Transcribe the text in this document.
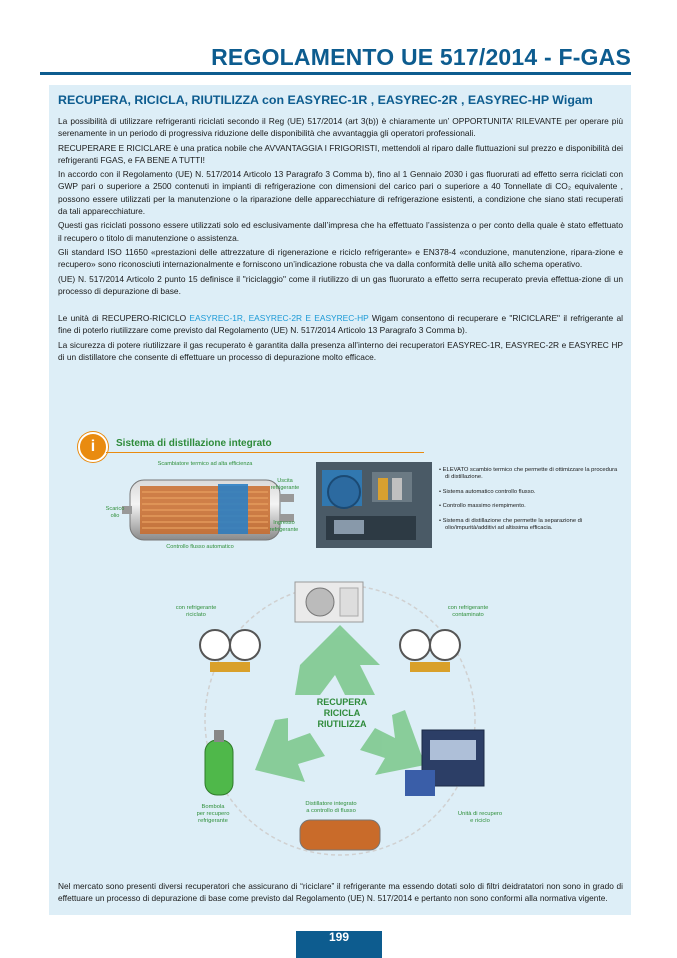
REGOLAMENTO UE 517/2014 - F-GAS
RECUPERA, RICICLA, RIUTILIZZA con EASYREC-1R , EASYREC-2R , EASYREC-HP Wigam

La possibilità di utilizzare refrigeranti riciclati secondo il Reg (UE) 517/2014 (art 3(b)) è chiaramente un’ OPPORTUNITA’ RILEVANTE per operare più serenamente in un periodo di progressiva riduzione delle disponibilità che avvantaggia gli operatori professionali.

RECUPERARE E RICICLARE è una pratica nobile che AVVANTAGGIA I FRIGORISTI, mettendoli al riparo dalle fluttuazioni sul prezzo e disponibilità dei refrigeranti FGAS, e FA BENE A TUTTI!

In accordo con il Regolamento (UE) N. 517/2014 Articolo 13 Paragrafo 3 Comma b), fino al 1 Gennaio 2030 i gas fluorurati ad effetto serra riciclati con GWP pari o superiore a 2500 contenuti in impianti di refrigerazione con dimensioni del carico pari o superiore a 40 Tonnellate di CO₂ equivalente , possono essere utilizzati per la manutenzione o la riparazione delle apparecchiature di refrigerazione esistenti, a condizione che siano stati recuperati da tali apparecchiature.

Questi gas riciclati possono essere utilizzati solo ed esclusivamente dall’impresa che ha effettuato l’assistenza o per conto della quale è stato effettuato il recupero o titolo di manutenzione o assistenza.

Gli standard ISO 11650 «prestazioni delle attrezzature di rigenerazione e riciclo refrigerante» e EN378-4 «conduzione, manutenzione, ripara-zione e recupero» sono riconosciuti internazionalmente e forniscono un’indicazione robusta che va dalla conformità delle unità allo schema operativo.

(UE) N. 517/2014 Articolo 2 punto 15 definisce il "riciclaggio" come il riutilizzo di un gas fluorurato a effetto serra recuperato previa effettua-zione di un processo di depurazione di base.

Le unità di RECUPERO-RICICLO EASYREC-1R, EASYREC-2R E EASYREC-HP Wigam consentono di recuperare e "RICICLARE" il refrigerante al fine di poterlo riutilizzare come previsto dal Regolamento (UE) N. 517/2014 Articolo 13 Paragrafo 3 Comma b).

La sicurezza di potere riutilizzare il gas recuperato è garantita dalla presenza all’interno dei recuperatori EASYREC-1R, EASYREC-2R e EASYREC HP di un distillatore che consente di effettuare un processo di depurazione molto efficace.

i	Sistema di distillazione integrato
Scambiatore termico ad alta efficienza
Uscita
refrigerante
Ingresso
refrigerante
Scarico
olio
Controllo flusso automatico
• ELEVATO scambio termico che permette di ottimizzare la procedura di distillazione.
• Sistema automatico controllo flusso.
• Controllo massimo riempimento.
• Sistema di distillazione che permette la separazione di olio/impurità/additivi ad altissima efficacia.
RECUPERA
RICICLA
RIUTILIZZA
con refrigerante
riciclato
con refrigerante
contaminato
Bombola
per recupero
refrigerante
Distillatore integrato
a controllo di flusso	Unità di recupero
e riciclo
Nel mercato sono presenti diversi recuperatori che assicurano di “riciclare” il refrigerante ma essendo dotati solo di filtri deidratatori non sono in grado di effettuare un processo di depurazione di base come previsto dal Regolamento (UE) N. 517/2014 e pertanto non sono conformi alla normativa vigente.
199
